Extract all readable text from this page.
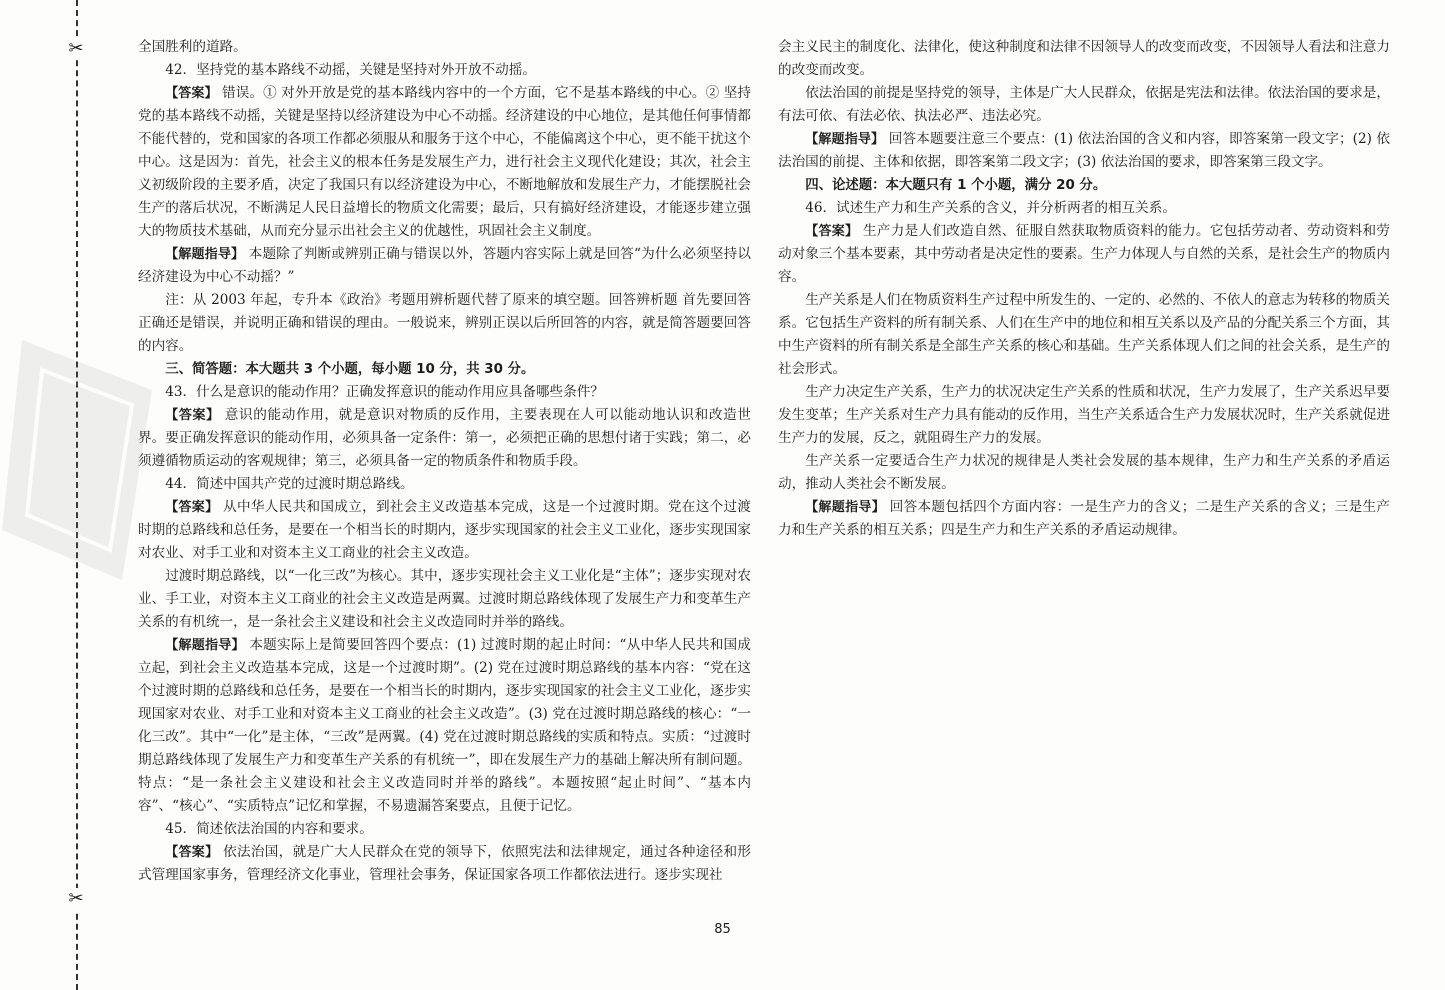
✂
✂

全国胜利的道路。

42．坚持党的基本路线不动摇，关键是坚持对外开放不动摇。

【答案】 错误。① 对外开放是党的基本路线内容中的一个方面，它不是基本路线的中心。② 坚持党的基本路线不动摇，关键是坚持以经济建设为中心不动摇。经济建设的中心地位，是其他任何事情都不能代替的，党和国家的各项工作都必须服从和服务于这个中心，不能偏离这个中心，更不能干扰这个中心。这是因为：首先，社会主义的根本任务是发展生产力，进行社会主义现代化建设；其次，社会主义初级阶段的主要矛盾，决定了我国只有以经济建设为中心，不断地解放和发展生产力，才能摆脱社会生产的落后状况，不断满足人民日益增长的物质文化需要；最后，只有搞好经济建设，才能逐步建立强大的物质技术基础，从而充分显示出社会主义的优越性，巩固社会主义制度。

【解题指导】 本题除了判断或辨别正确与错误以外，答题内容实际上就是回答“为什么必须坚持以经济建设为中心不动摇？”

注：从 2003 年起，专升本《政治》考题用辨析题代替了原来的填空题。回答辨析题 首先要回答正确还是错误，并说明正确和错误的理由。一般说来，辨别正误以后所回答的内容，就是简答题要回答的内容。

三、简答题：本大题共 3 个小题，每小题 10 分，共 30 分。

43．什么是意识的能动作用？正确发挥意识的能动作用应具备哪些条件？

【答案】 意识的能动作用，就是意识对物质的反作用，主要表现在人可以能动地认识和改造世界。要正确发挥意识的能动作用，必须具备一定条件：第一，必须把正确的思想付诸于实践；第二，必须遵循物质运动的客观规律；第三，必须具备一定的物质条件和物质手段。

44．简述中国共产党的过渡时期总路线。

【答案】 从中华人民共和国成立，到社会主义改造基本完成，这是一个过渡时期。党在这个过渡时期的总路线和总任务，是要在一个相当长的时期内，逐步实现国家的社会主义工业化，逐步实现国家对农业、对手工业和对资本主义工商业的社会主义改造。

过渡时期总路线，以“一化三改”为核心。其中，逐步实现社会主义工业化是“主体”；逐步实现对农业、手工业，对资本主义工商业的社会主义改造是两翼。过渡时期总路线体现了发展生产力和变革生产关系的有机统一，是一条社会主义建设和社会主义改造同时并举的路线。

【解题指导】 本题实际上是简要回答四个要点：(1) 过渡时期的起止时间：“从中华人民共和国成立起，到社会主义改造基本完成，这是一个过渡时期”。(2) 党在过渡时期总路线的基本内容：“党在这个过渡时期的总路线和总任务，是要在一个相当长的时期内，逐步实现国家的社会主义工业化，逐步实现国家对农业、对手工业和对资本主义工商业的社会主义改造”。(3) 党在过渡时期总路线的核心：“一化三改”。其中“一化”是主体，“三改”是两翼。(4) 党在过渡时期总路线的实质和特点。实质：“过渡时期总路线体现了发展生产力和变革生产关系的有机统一”，即在发展生产力的基础上解决所有制问题。特点：“是一条社会主义建设和社会主义改造同时并举的路线”。本题按照“起止时间”、“基本内容”、“核心”、“实质特点”记忆和掌握，不易遗漏答案要点，且便于记忆。

45．简述依法治国的内容和要求。

【答案】 依法治国，就是广大人民群众在党的领导下，依照宪法和法律规定，通过各种途径和形式管理国家事务，管理经济文化事业，管理社会事务，保证国家各项工作都依法进行。逐步实现社

会主义民主的制度化、法律化，使这种制度和法律不因领导人的改变而改变，不因领导人看法和注意力的改变而改变。

依法治国的前提是坚持党的领导，主体是广大人民群众，依据是宪法和法律。依法治国的要求是，有法可依、有法必依、执法必严、违法必究。

【解题指导】 回答本题要注意三个要点：(1) 依法治国的含义和内容，即答案第一段文字；(2) 依法治国的前提、主体和依据，即答案第二段文字；(3) 依法治国的要求，即答案第三段文字。

四、论述题：本大题只有 1 个小题，满分 20 分。

46．试述生产力和生产关系的含义，并分析两者的相互关系。

【答案】 生产力是人们改造自然、征服自然获取物质资料的能力。它包括劳动者、劳动资料和劳动对象三个基本要素，其中劳动者是决定性的要素。生产力体现人与自然的关系，是社会生产的物质内容。

生产关系是人们在物质资料生产过程中所发生的、一定的、必然的、不依人的意志为转移的物质关系。它包括生产资料的所有制关系、人们在生产中的地位和相互关系以及产品的分配关系三个方面，其中生产资料的所有制关系是全部生产关系的核心和基础。生产关系体现人们之间的社会关系，是生产的社会形式。

生产力决定生产关系，生产力的状况决定生产关系的性质和状况，生产力发展了，生产关系迟早要发生变革；生产关系对生产力具有能动的反作用，当生产关系适合生产力发展状况时，生产关系就促进生产力的发展，反之，就阻碍生产力的发展。

生产关系一定要适合生产力状况的规律是人类社会发展的基本规律，生产力和生产关系的矛盾运动，推动人类社会不断发展。

【解题指导】 回答本题包括四个方面内容：一是生产力的含义；二是生产关系的含义；三是生产力和生产关系的相互关系；四是生产力和生产关系的矛盾运动规律。

85
